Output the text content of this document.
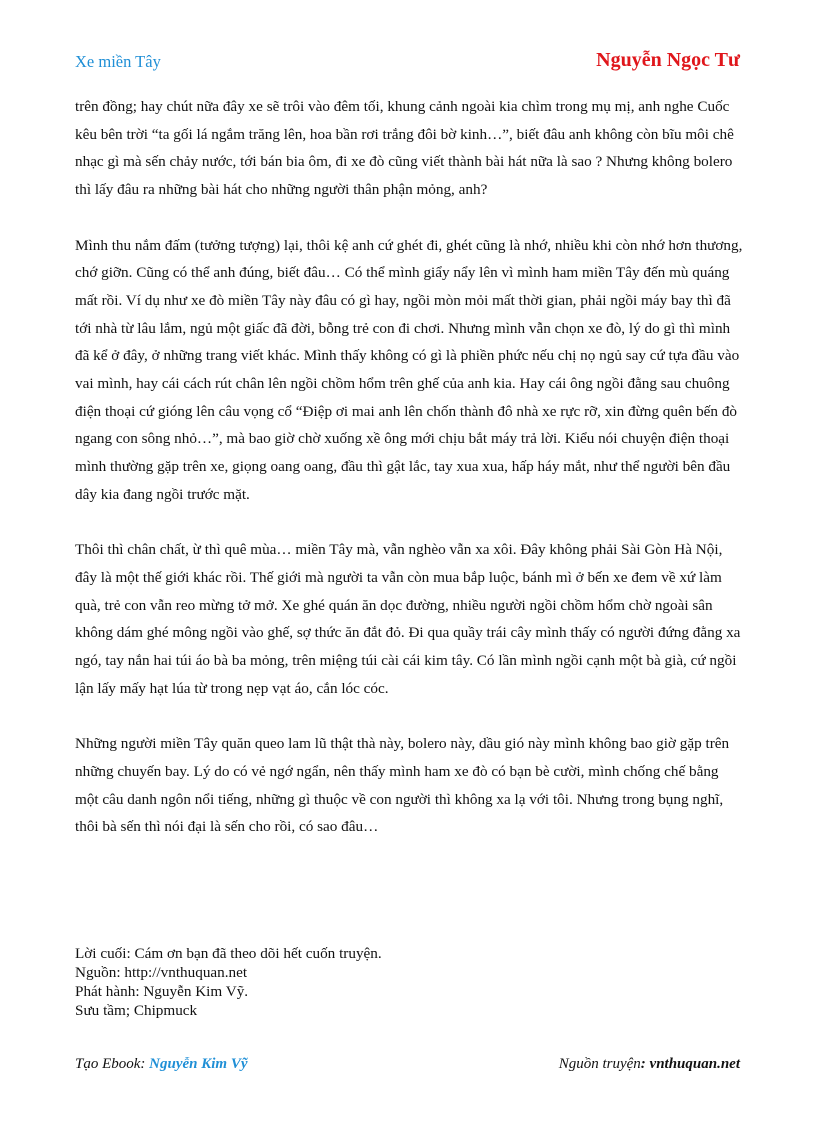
Xe miền Tây	Nguyễn Ngọc Tư

trên đồng; hay chút nữa đây xe sẽ trôi vào đêm tối, khung cảnh ngoài kia chìm trong mụ mị, anh nghe Cuốc kêu bên trời “ta gối lá ngắm trăng lên, hoa bần rơi trắng đôi bờ kinh…”, biết đâu anh không còn bĩu môi chê nhạc gì mà sến chảy nước, tới bán bia ôm, đi xe đò cũng viết thành bài hát nữa là sao ? Nhưng không bolero thì lấy đâu ra những bài hát cho những người thân phận mỏng, anh?

Mình thu nắm đấm (tưởng tượng) lại, thôi kệ anh cứ ghét đi, ghét cũng là nhớ, nhiều khi còn nhớ hơn thương, chớ giỡn. Cũng có thể anh đúng, biết đâu… Có thể mình giẩy nẩy lên vì mình ham miền Tây đến mù quáng mất rồi. Ví dụ như xe đò miền Tây này đâu có gì hay, ngồi mòn mỏi mất thời gian, phải ngồi máy bay thì đã tới nhà từ lâu lắm, ngủ một giấc đã đời, bỗng trẻ con đi chơi. Nhưng mình vẫn chọn xe đò, lý do gì thì mình đã kể ở đây, ở những trang viết khác. Mình thấy không có gì là phiền phức nếu chị nọ ngủ say cứ tựa đầu vào vai mình, hay cái cách rút chân lên ngồi chồm hổm trên ghế của anh kia. Hay cái ông ngồi đằng sau chuông điện thoại cứ gióng lên câu vọng cổ “Điệp ơi mai anh lên chốn thành đô nhà xe rực rỡ, xin đừng quên bến đò ngang con sông nhỏ…”, mà bao giờ chờ xuống xề ông mới chịu bắt máy trả lời. Kiểu nói chuyện điện thoại mình thường gặp trên xe, giọng oang oang, đầu thì gật lắc, tay xua xua, hấp háy mắt, như thể người bên đầu dây kia đang ngồi trước mặt.

Thôi thì chân chất, ừ thì quê mùa… miền Tây mà, vẫn nghèo vẫn xa xôi. Đây không phải Sài Gòn Hà Nội, đây là một thế giới khác rồi. Thế giới mà người ta vẫn còn mua bắp luộc, bánh mì ở bến xe đem về xứ làm quà, trẻ con vẫn reo mừng tở mở. Xe ghé quán ăn dọc đường, nhiều người ngồi chồm hổm chờ ngoài sân không dám ghé mông ngồi vào ghế, sợ thức ăn đắt đỏ. Đi qua quầy trái cây mình thấy có người đứng đằng xa ngó, tay nắn hai túi áo bà ba mỏng, trên miệng túi cài cái kim tây. Có lần mình ngồi cạnh một bà già, cứ ngồi lận lấy mấy hạt lúa từ trong nẹp vạt áo, cắn lóc cóc.

Những người miền Tây quăn queo lam lũ thật thà này, bolero này, dầu gió này mình không bao giờ gặp trên những chuyến bay. Lý do có vẻ ngớ ngẩn, nên thấy mình ham xe đò có bạn bè cười, mình chống chế bằng một câu danh ngôn nổi tiếng, những gì thuộc về con người thì không xa lạ với tôi. Nhưng trong bụng nghĩ, thôi bà sến thì nói đại là sến cho rồi, có sao đâu…

Lời cuối: Cám ơn bạn đã theo dõi hết cuốn truyện.
Nguồn: http://vnthuquan.net
Phát hành: Nguyễn Kim Vỹ.
Sưu tầm; Chipmuck
Tạo Ebook: Nguyễn Kim Vỹ	Nguồn truyện: vnthuquan.net
